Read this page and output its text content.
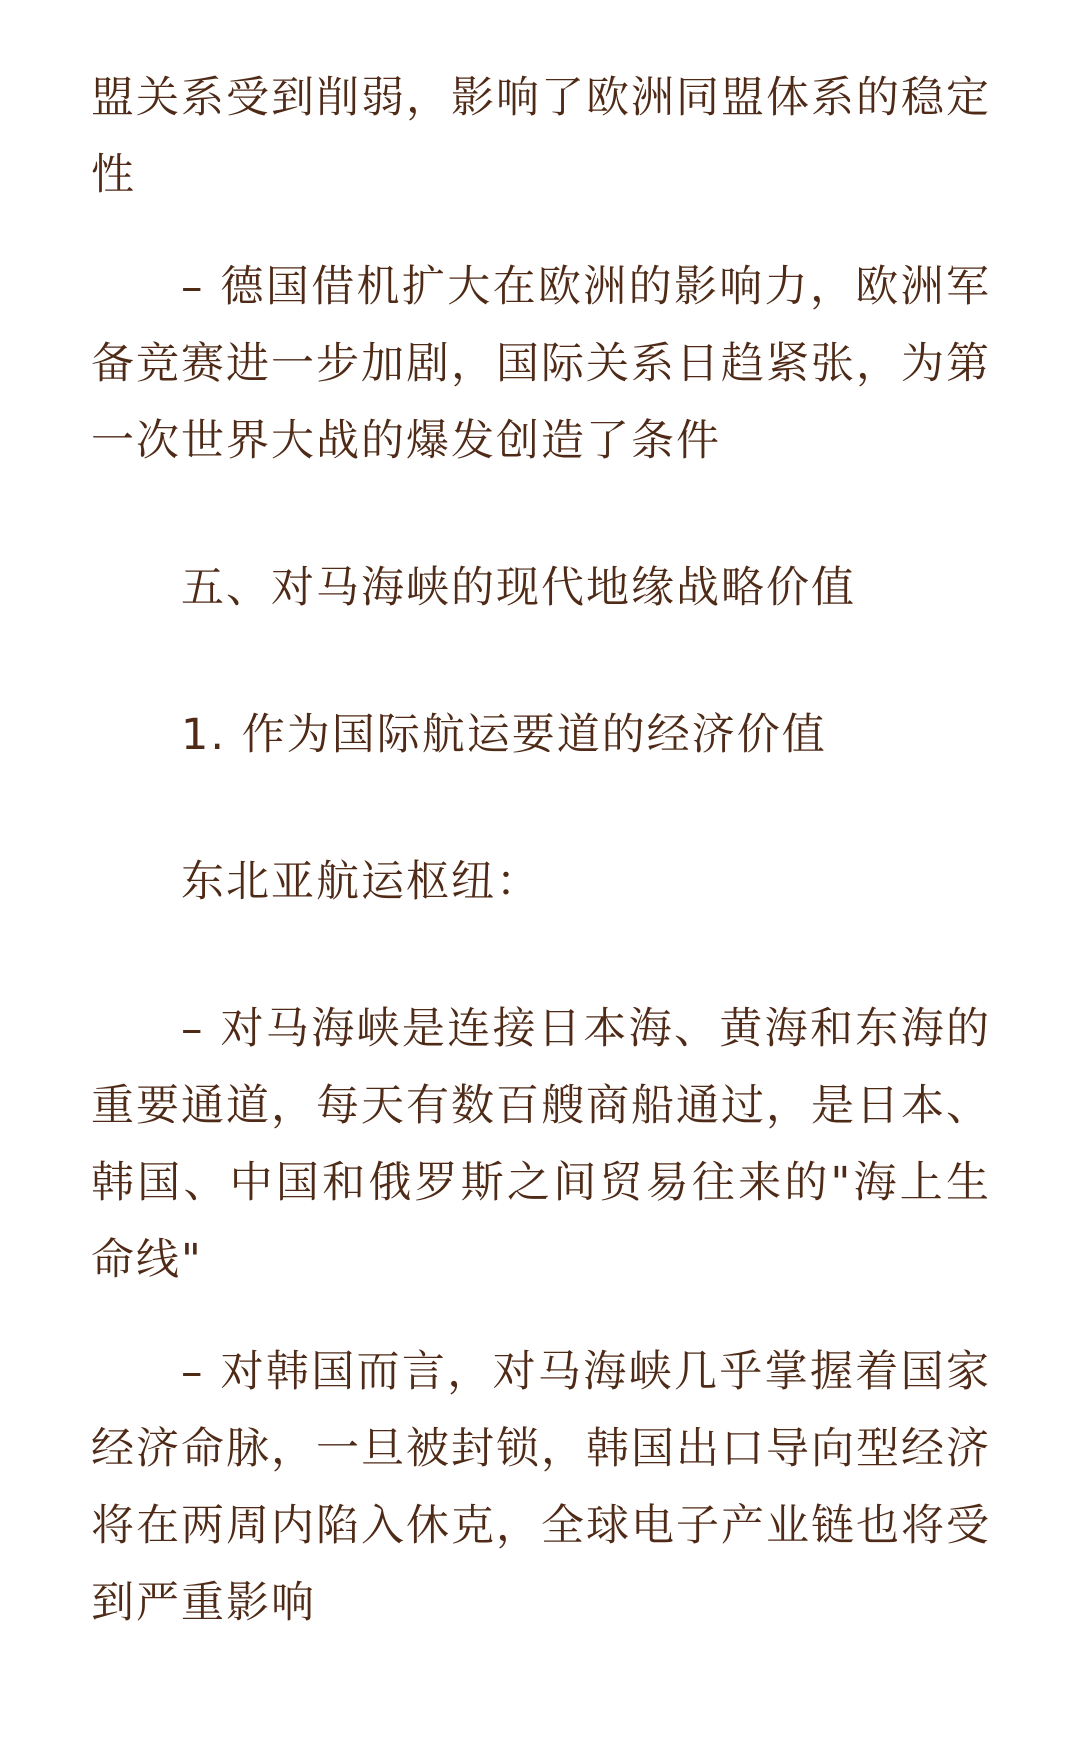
盟关系受到削弱，影响了欧洲同盟体系的稳定性

– 德国借机扩大在欧洲的影响力，欧洲军备竞赛进一步加剧，国际关系日趋紧张，为第一次世界大战的爆发创造了条件

五、对马海峡的现代地缘战略价值

1. 作为国际航运要道的经济价值

东北亚航运枢纽：

– 对马海峡是连接日本海、黄海和东海的重要通道，每天有数百艘商船通过，是日本、韩国、中国和俄罗斯之间贸易往来的"海上生命线"

– 对韩国而言，对马海峡几乎掌握着国家经济命脉，一旦被封锁，韩国出口导向型经济将在两周内陷入休克，全球电子产业链也将受到严重影响
